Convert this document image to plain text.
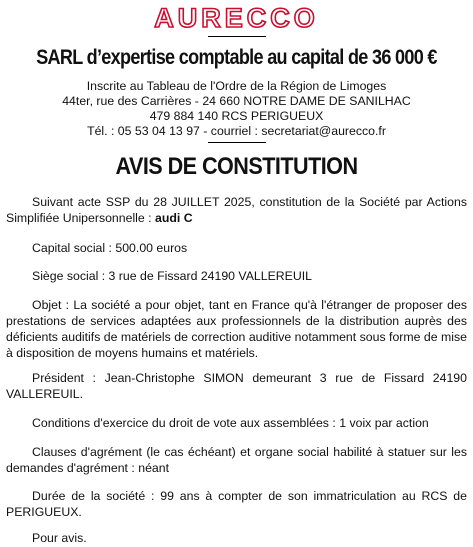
AURECCO
SARL d’expertise comptable au capital de 36 000 €
Inscrite au Tableau de l'Ordre de la Région de Limoges
44ter, rue des Carrières - 24 660 NOTRE DAME DE SANILHAC
479 884 140 RCS PERIGUEUX
Tél. : 05 53 04 13 97 - courriel : secretariat@aurecco.fr
AVIS DE CONSTITUTION
Suivant acte SSP du 28 JUILLET 2025, constitution de la Société par Actions Simplifiée Unipersonnelle : audi C
Capital social : 500.00 euros
Siège social : 3 rue de Fissard 24190 VALLEREUIL
Objet : La société a pour objet, tant en France qu'à l'étranger de proposer des prestations de services adaptées aux professionnels de la distribution auprès des déficients auditifs de matériels de correction auditive notamment sous forme de mise à disposition de moyens humains et matériels.
Président : Jean-Christophe SIMON demeurant 3 rue de Fissard 24190 VALLEREUIL.
Conditions d'exercice du droit de vote aux assemblées : 1 voix par action
Clauses d'agrément (le cas échéant) et organe social habilité à statuer sur les demandes d'agrément : néant
Durée de la société : 99 ans à compter de son immatriculation au RCS de PERIGUEUX.
Pour avis.
